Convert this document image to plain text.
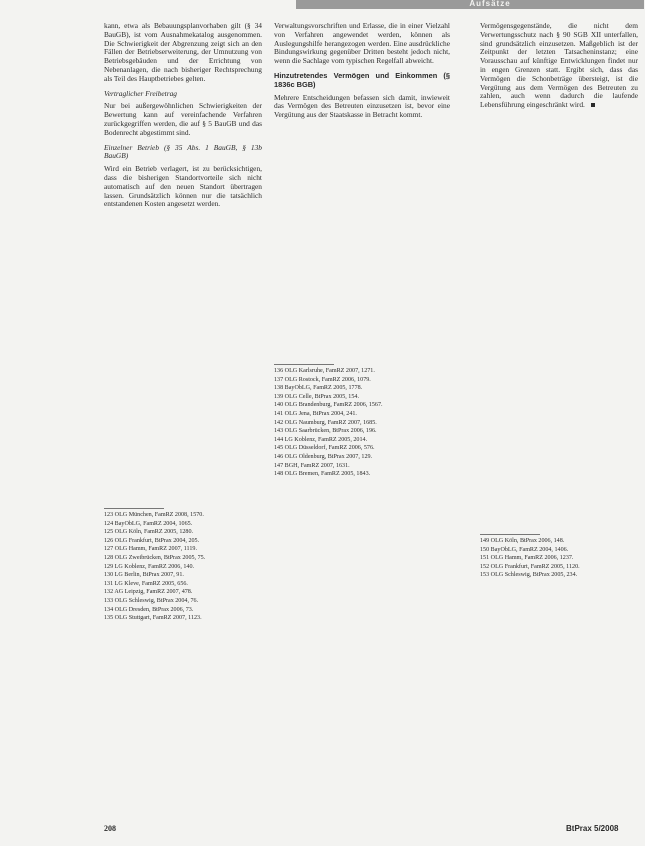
Aufsätze

kann, etwa als Bebauungsplanvorhaben gilt (§ 34 BauGB), ist vom Ausnahmekatalog ausgenommen. Die Schwierigkeit der Abgrenzung zeigt sich an den Fällen der Betriebserweiterung, der Umnutzung von Betriebsgebäuden und der Errichtung von Nebenanlagen, die nach bisheriger Rechtsprechung als Teil des Hauptbetriebes gelten.

Vertraglicher Freibetrag

Nur bei außergewöhnlichen Schwierigkeiten der Bewertung kann auf vereinfachende Verfahren zurückgegriffen werden, die auf § 5 BauGB und das Bodenrecht abgestimmt sind.

Einzelner Betrieb (§ 35 Abs. 1 BauGB, § 13b BauGB)

Wird ein Betrieb verlagert, ist zu berücksichtigen, dass die bisherigen Standortvorteile sich nicht automatisch auf den neuen Standort übertragen lassen. Grundsätzlich können nur die tatsächlich entstandenen Kosten angesetzt werden.

Verwaltungsvorschriften und Erlasse, die in einer Vielzahl von Verfahren angewendet werden, können als Auslegungshilfe herangezogen werden. Eine ausdrückliche Bindungswirkung gegenüber Dritten besteht jedoch nicht, wenn die Sachlage vom typischen Regelfall abweicht.

Hinzutretendes Vermögen und Einkommen (§ 1836c BGB)

Mehrere Entscheidungen befassen sich damit, inwieweit das Vermögen des Betreuten einzusetzen ist, bevor eine Vergütung aus der Staatskasse in Betracht kommt.

Vermögensgegenstände, die nicht dem Verwertungsschutz nach § 90 SGB XII unterfallen, sind grundsätzlich einzusetzen. Maßgeblich ist der Zeitpunkt der letzten Tatsacheninstanz; eine Vorausschau auf künftige Entwicklungen findet nur in engen Grenzen statt. Ergibt sich, dass das Vermögen die Schonbeträge übersteigt, ist die Vergütung aus dem Vermögen des Betreuten zu zahlen, auch wenn dadurch die laufende Lebensführung eingeschränkt wird.

123 OLG München, FamRZ 2008, 1570.
124 BayObLG, FamRZ 2004, 1065.
125 OLG Köln, FamRZ 2005, 1280.
126 OLG Frankfurt, BtPrax 2004, 205.
127 OLG Hamm, FamRZ 2007, 1119.
128 OLG Zweibrücken, BtPrax 2005, 75.
129 LG Koblenz, FamRZ 2006, 140.
130 LG Berlin, BtPrax 2007, 91.
131 LG Kleve, FamRZ 2005, 656.
132 AG Leipzig, FamRZ 2007, 478.
133 OLG Schleswig, BtPrax 2004, 76.
134 OLG Dresden, BtPrax 2006, 73.
135 OLG Stuttgart, FamRZ 2007, 1123.
136 OLG Karlsruhe, FamRZ 2007, 1271.
137 OLG Rostock, FamRZ 2006, 1079.
138 BayObLG, FamRZ 2005, 1778.
139 OLG Celle, BtPrax 2005, 154.
140 OLG Brandenburg, FamRZ 2006, 1567.
141 OLG Jena, BtPrax 2004, 241.
142 OLG Naumburg, FamRZ 2007, 1685.
143 OLG Saarbrücken, BtPrax 2006, 196.
144 LG Koblenz, FamRZ 2005, 2014.
145 OLG Düsseldorf, FamRZ 2006, 576.
146 OLG Oldenburg, BtPrax 2007, 129.
147 BGH, FamRZ 2007, 1631.
148 OLG Bremen, FamRZ 2005, 1843.
149 OLG Köln, BtPrax 2006, 148.
150 BayObLG, FamRZ 2004, 1406.
151 OLG Hamm, FamRZ 2006, 1237.
152 OLG Frankfurt, FamRZ 2005, 1120.
153 OLG Schleswig, BtPrax 2005, 234.
208	BtPrax 5/2008
